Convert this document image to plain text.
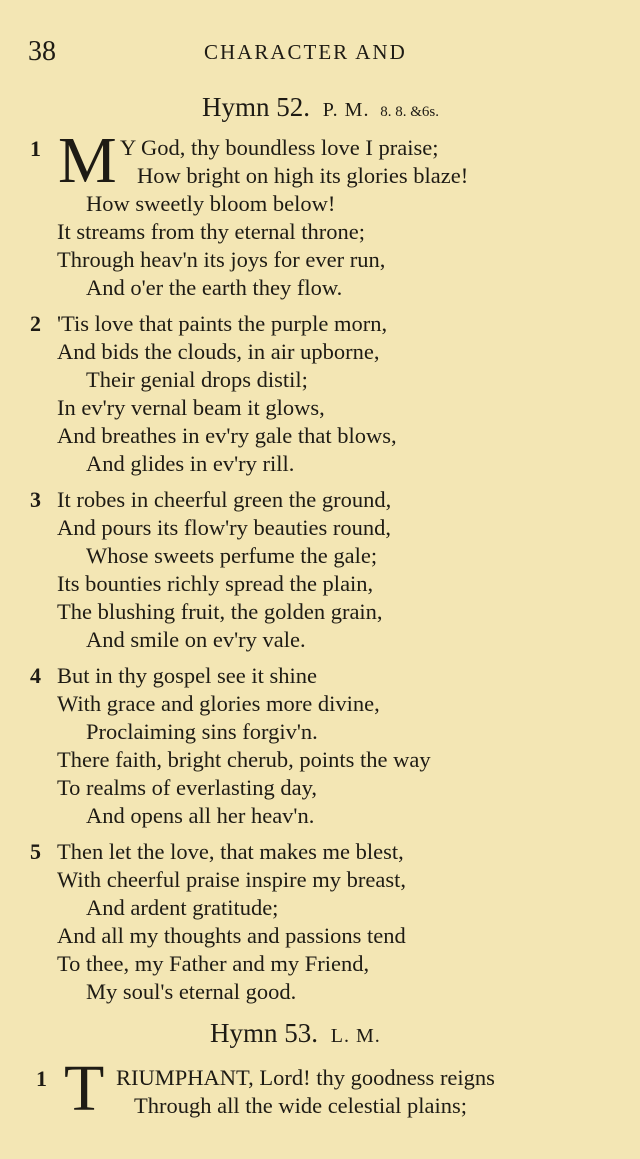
38	CHARACTER AND
Hymn 52. P. M. 8. 8. &6s.
1 M Y God, thy boundless love I praise;
How bright on high its glories blaze!
How sweetly bloom below!
It streams from thy eternal throne;
Through heav'n its joys for ever run,
And o'er the earth they flow.
2 'Tis love that paints the purple morn,
And bids the clouds, in air upborne,
Their genial drops distil;
In ev'ry vernal beam it glows,
And breathes in ev'ry gale that blows,
And glides in ev'ry rill.
3 It robes in cheerful green the ground,
And pours its flow'ry beauties round,
Whose sweets perfume the gale;
Its bounties richly spread the plain,
The blushing fruit, the golden grain,
And smile on ev'ry vale.
4 But in thy gospel see it shine
With grace and glories more divine,
Proclaiming sins forgiv'n.
There faith, bright cherub, points the way
To realms of everlasting day,
And opens all her heav'n.
5 Then let the love, that makes me blest,
With cheerful praise inspire my breast,
And ardent gratitude;
And all my thoughts and passions tend
To thee, my Father and my Friend,
My soul's eternal good.
Hymn 53. L. M.
1 T RIUMPHANT, Lord! thy goodness reigns
Through all the wide celestial plains;
